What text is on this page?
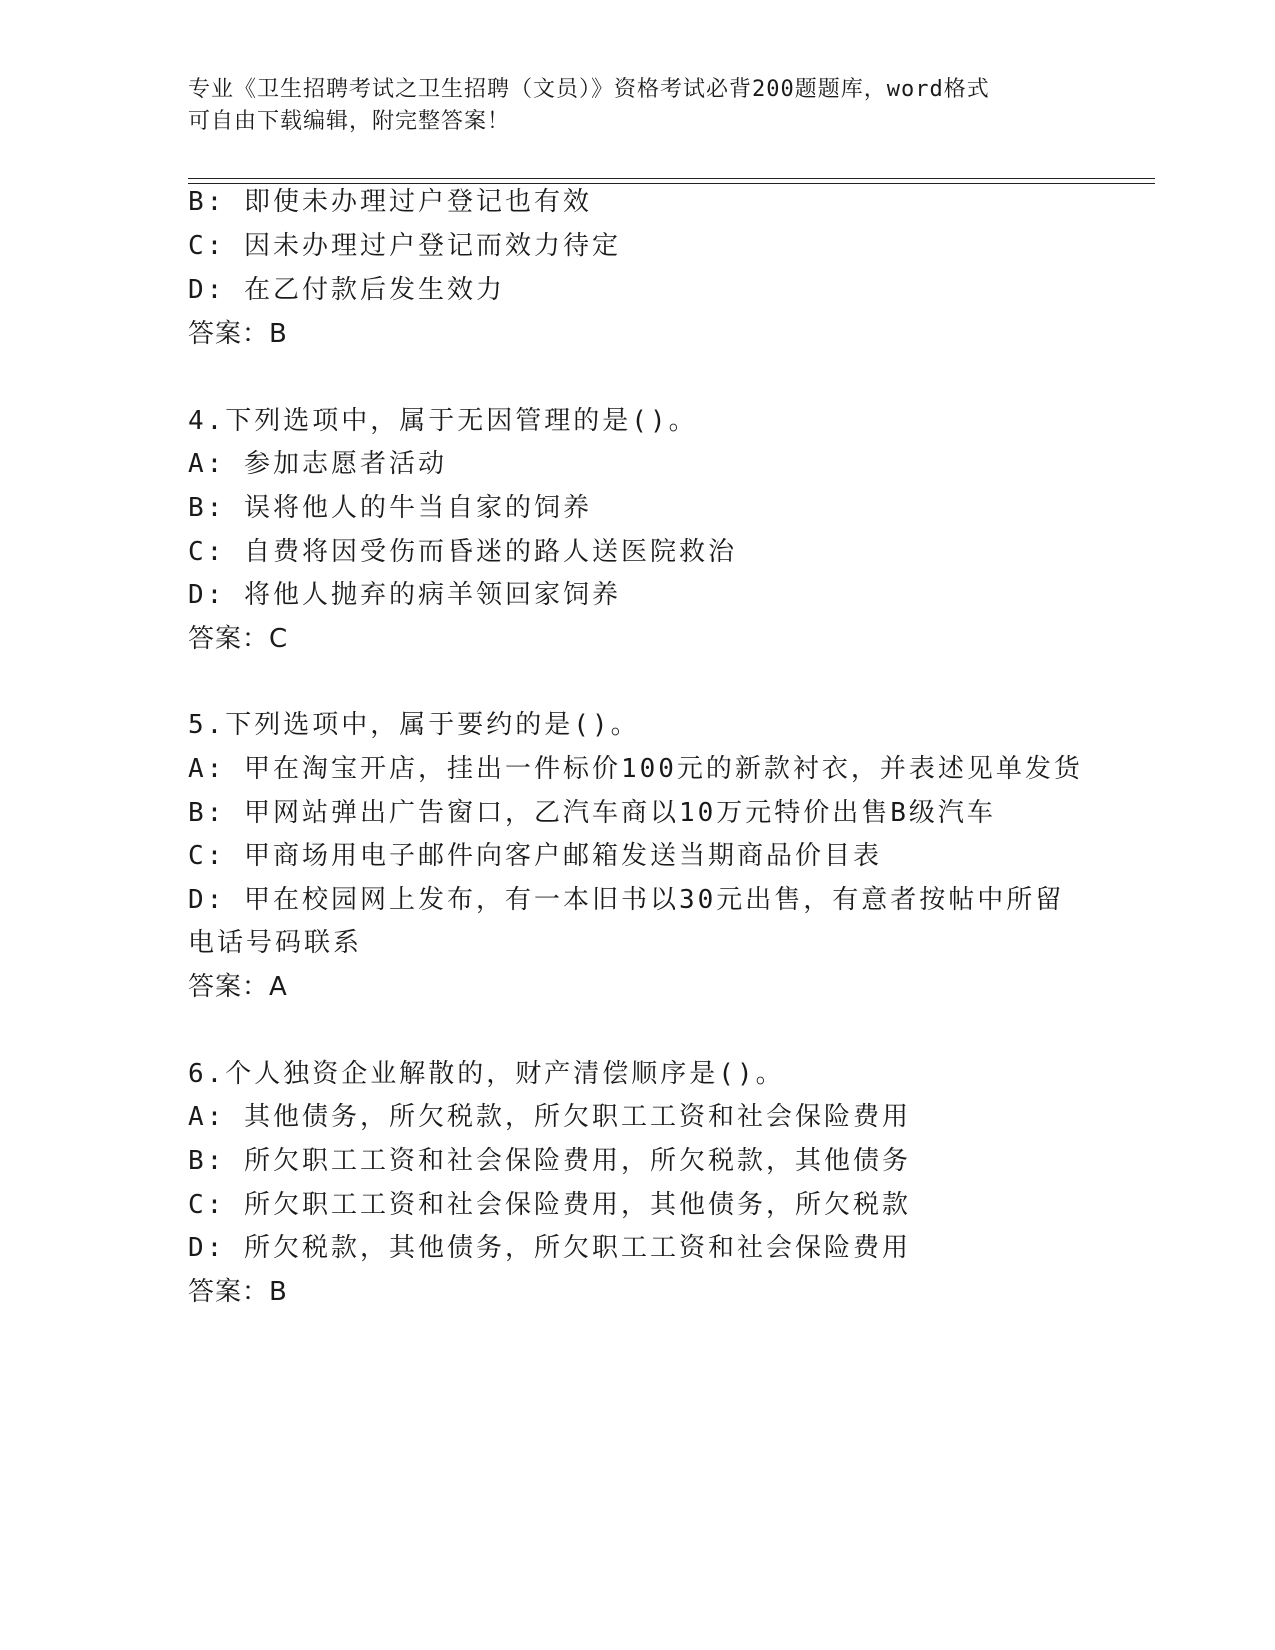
专业《卫生招聘考试之卫生招聘（文员）》资格考试必背200题题库，word格式
可自由下载编辑，附完整答案！
B: 即使未办理过户登记也有效
C: 因未办理过户登记而效力待定
D: 在乙付款后发生效力
答案：B
4.下列选项中，属于无因管理的是()。
A: 参加志愿者活动
B: 误将他人的牛当自家的饲养
C: 自费将因受伤而昏迷的路人送医院救治
D: 将他人抛弃的病羊领回家饲养
答案：C
5.下列选项中，属于要约的是()。
A: 甲在淘宝开店，挂出一件标价100元的新款衬衣，并表述见单发货
B: 甲网站弹出广告窗口，乙汽车商以10万元特价出售B级汽车
C: 甲商场用电子邮件向客户邮箱发送当期商品价目表
D: 甲在校园网上发布，有一本旧书以30元出售，有意者按帖中所留
电话号码联系
答案：A
6.个人独资企业解散的，财产清偿顺序是()。
A: 其他债务，所欠税款，所欠职工工资和社会保险费用
B: 所欠职工工资和社会保险费用，所欠税款，其他债务
C: 所欠职工工资和社会保险费用，其他债务，所欠税款
D: 所欠税款，其他债务，所欠职工工资和社会保险费用
答案：B
